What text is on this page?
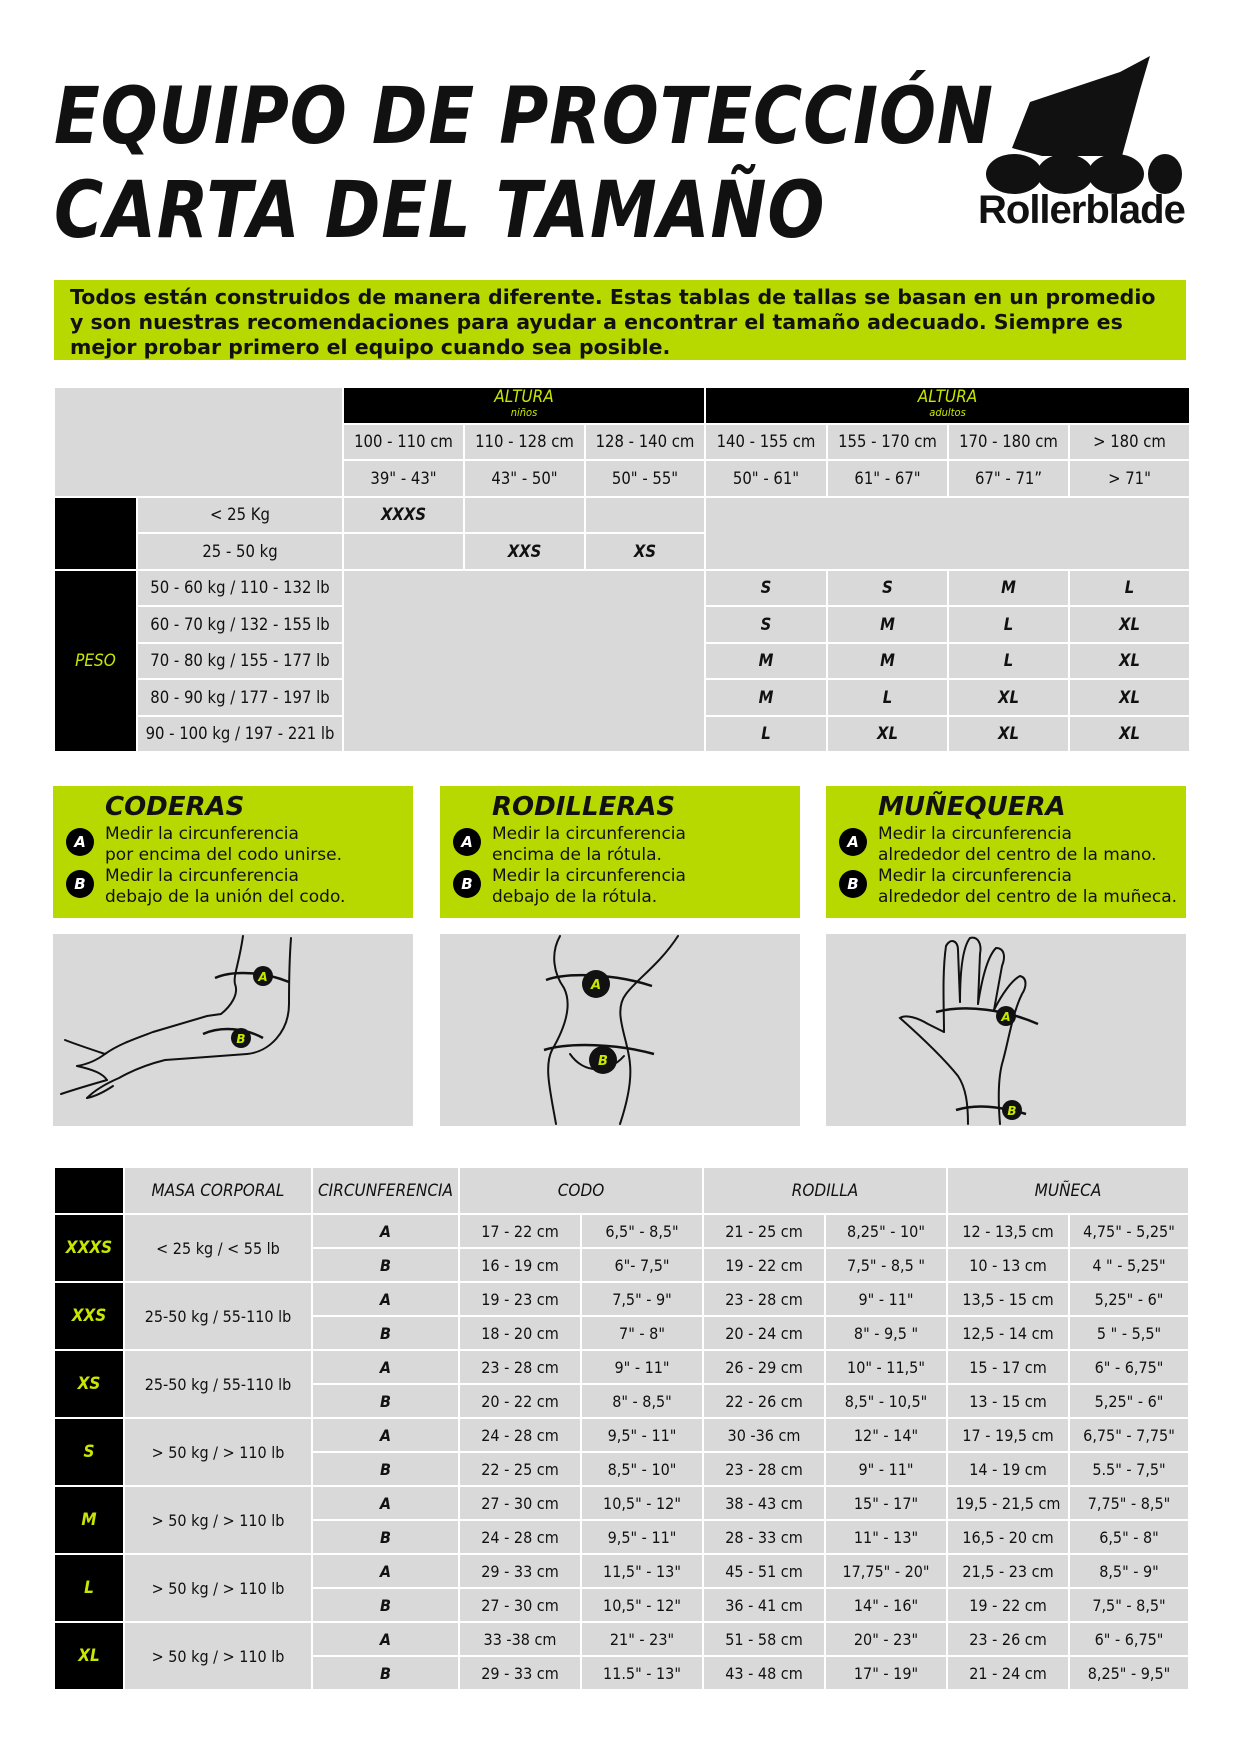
EQUIPO DE PROTECCIÓN
CARTA DEL TAMAÑO	Rollerblade
Todos están construidos de manera diferente. Estas tablas de tallas se basan en un promedio y son nuestras recomendaciones para ayudar a encontrar el tamaño adecuado. Siempre es mejor probar primero el equipo cuando sea posible.

		ALTURA
niños			ALTURA
adultos			

		100 - 110 cm	110 - 128 cm	128 - 140 cm	140 - 155 cm	155 - 170 cm	170 - 180 cm	> 180 cm
		39" - 43"	43" - 50"	50" - 55"	50" - 61"	61" - 67"	67" - 71”	> 71"
	< 25 Kg	XXXS						
	25 - 50 kg		XXS	XS				
PESO	50 - 60 kg / 110 - 132 lb				S	S	M	L
	60 - 70 kg / 132 - 155 lb				S	M	L	XL
	70 - 80 kg / 155 - 177 lb				M	M	L	XL
	80 - 90 kg / 177 - 197 lb				M	L	XL	XL
	90 - 100 kg / 197 - 221 lb				L	XL	XL	XL
CODERAS
A	Medir la circunferencia
por encima del codo unirse.
B	Medir la circunferencia
debajo de la unión del codo.
RODILLERAS
A	Medir la circunferencia
encima de la rótula.
B	Medir la circunferencia
debajo de la rótula.
MUÑEQUERA
A	Medir la circunferencia
alrededor del centro de la mano.
B	Medir la circunferencia
alrededor del centro de la muñeca.
A
B
A
B
A
B
	MASA CORPORAL	CIRCUNFERENCIA	CODO		RODILLA		MUÑECA	
XXXS	< 25 kg / < 55 lb	A	17 - 22 cm	6,5" - 8,5"	21 - 25 cm	8,25" - 10"	12 - 13,5 cm	4,75" - 5,25"
		B	16 - 19 cm	6"- 7,5"	19 - 22 cm	7,5" - 8,5 "	10 - 13 cm	4 " - 5,25"
XXS	25-50 kg / 55-110 lb	A	19 - 23 cm	7,5" - 9"	23 - 28 cm	9" - 11"	13,5 - 15 cm	5,25" - 6"
		B	18 - 20 cm	7" - 8"	20 - 24 cm	8" - 9,5 "	12,5 - 14 cm	5 " - 5,5"
XS	25-50 kg / 55-110 lb	A	23 - 28 cm	9" - 11"	26 - 29 cm	10" - 11,5"	15 - 17 cm	6" - 6,75"
		B	20 - 22 cm	8" - 8,5"	22 - 26 cm	8,5" - 10,5"	13 - 15 cm	5,25" - 6"
S	> 50 kg / > 110 lb	A	24 - 28 cm	9,5" - 11"	30 -36 cm	12" - 14"	17 - 19,5 cm	6,75" - 7,75"
		B	22 - 25 cm	8,5" - 10"	23 - 28 cm	9" - 11"	14 - 19 cm	5.5" - 7,5"
M	> 50 kg / > 110 lb	A	27 - 30 cm	10,5" - 12"	38 - 43 cm	15" - 17"	19,5 - 21,5 cm	7,75" - 8,5"
		B	24 - 28 cm	9,5" - 11"	28 - 33 cm	11" - 13"	16,5 - 20 cm	6,5" - 8"
L	> 50 kg / > 110 lb	A	29 - 33 cm	11,5" - 13"	45 - 51 cm	17,75" - 20"	21,5 - 23 cm	8,5" - 9"
		B	27 - 30 cm	10,5" - 12"	36 - 41 cm	14" - 16"	19 - 22 cm	7,5" - 8,5"
XL	> 50 kg / > 110 lb	A	33 -38 cm	21" - 23"	51 - 58 cm	20" - 23"	23 - 26 cm	6" - 6,75"
		B	29 - 33 cm	11.5" - 13"	43 - 48 cm	17" - 19"	21 - 24 cm	8,25" - 9,5"
